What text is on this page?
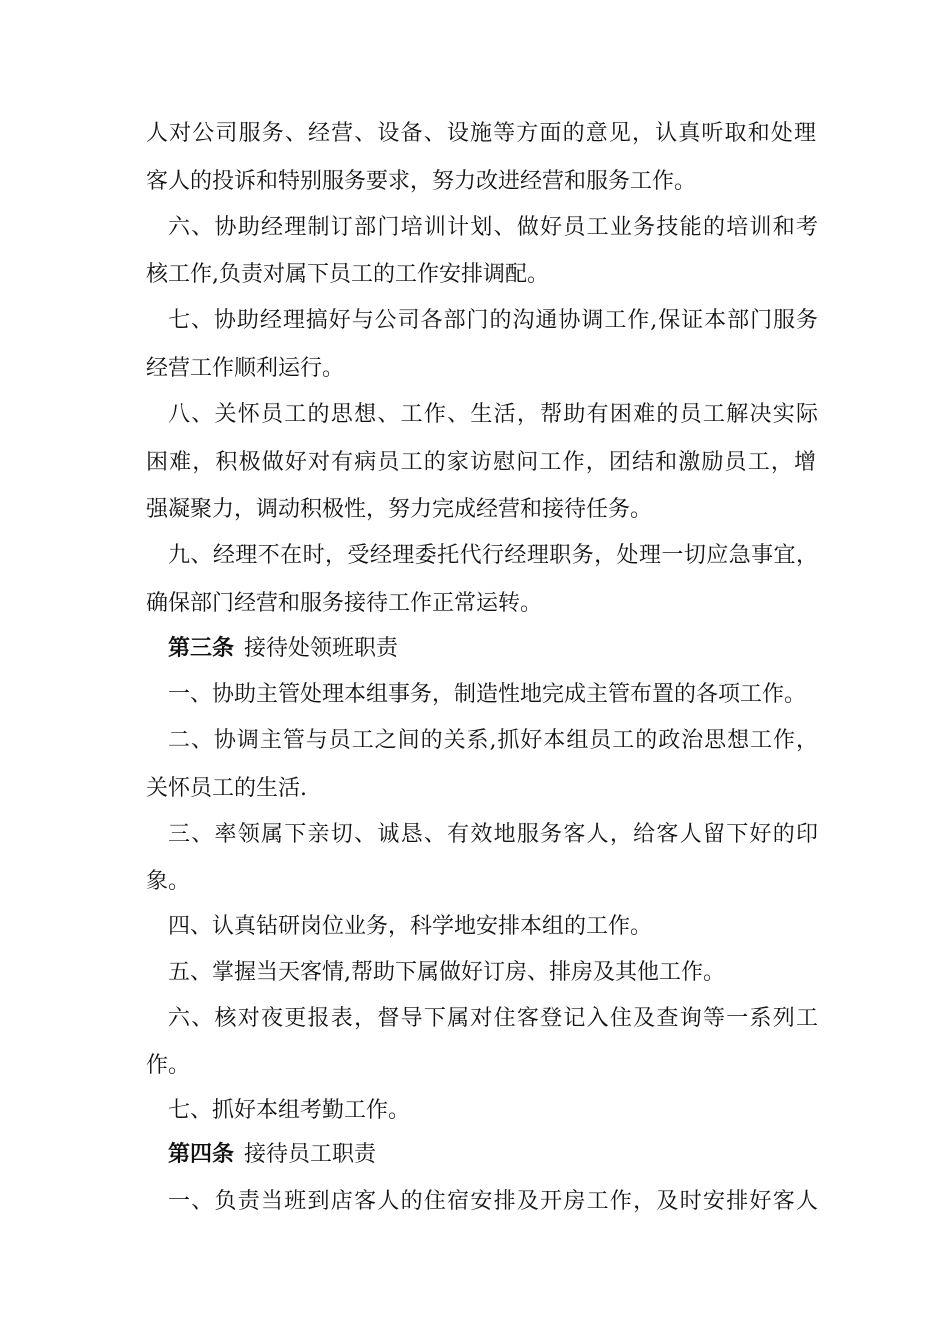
人对公司服务、经营、设备、设施等方面的意见，认真听取和处理
客人的投诉和特别服务要求，努力改进经营和服务工作。
六、协助经理制订部门培训计划、做好员工业务技能的培训和考
核工作,负责对属下员工的工作安排调配。
七、协助经理搞好与公司各部门的沟通协调工作,保证本部门服务
经营工作顺利运行。
八、关怀员工的思想、工作、生活，帮助有困难的员工解决实际
困难，积极做好对有病员工的家访慰问工作，团结和激励员工，增
强凝聚力，调动积极性，努力完成经营和接待任务。
九、经理不在时，受经理委托代行经理职务，处理一切应急事宜，
确保部门经营和服务接待工作正常运转。
第三条 接待处领班职责
一、协助主管处理本组事务，制造性地完成主管布置的各项工作。
二、协调主管与员工之间的关系,抓好本组员工的政治思想工作，
关怀员工的生活.
三、率领属下亲切、诚恳、有效地服务客人，给客人留下好的印
象。
四、认真钻研岗位业务，科学地安排本组的工作。
五、掌握当天客情,帮助下属做好订房、排房及其他工作。
六、核对夜更报表，督导下属对住客登记入住及查询等一系列工
作。
七、抓好本组考勤工作。
第四条 接待员工职责
一、负责当班到店客人的住宿安排及开房工作，及时安排好客人
